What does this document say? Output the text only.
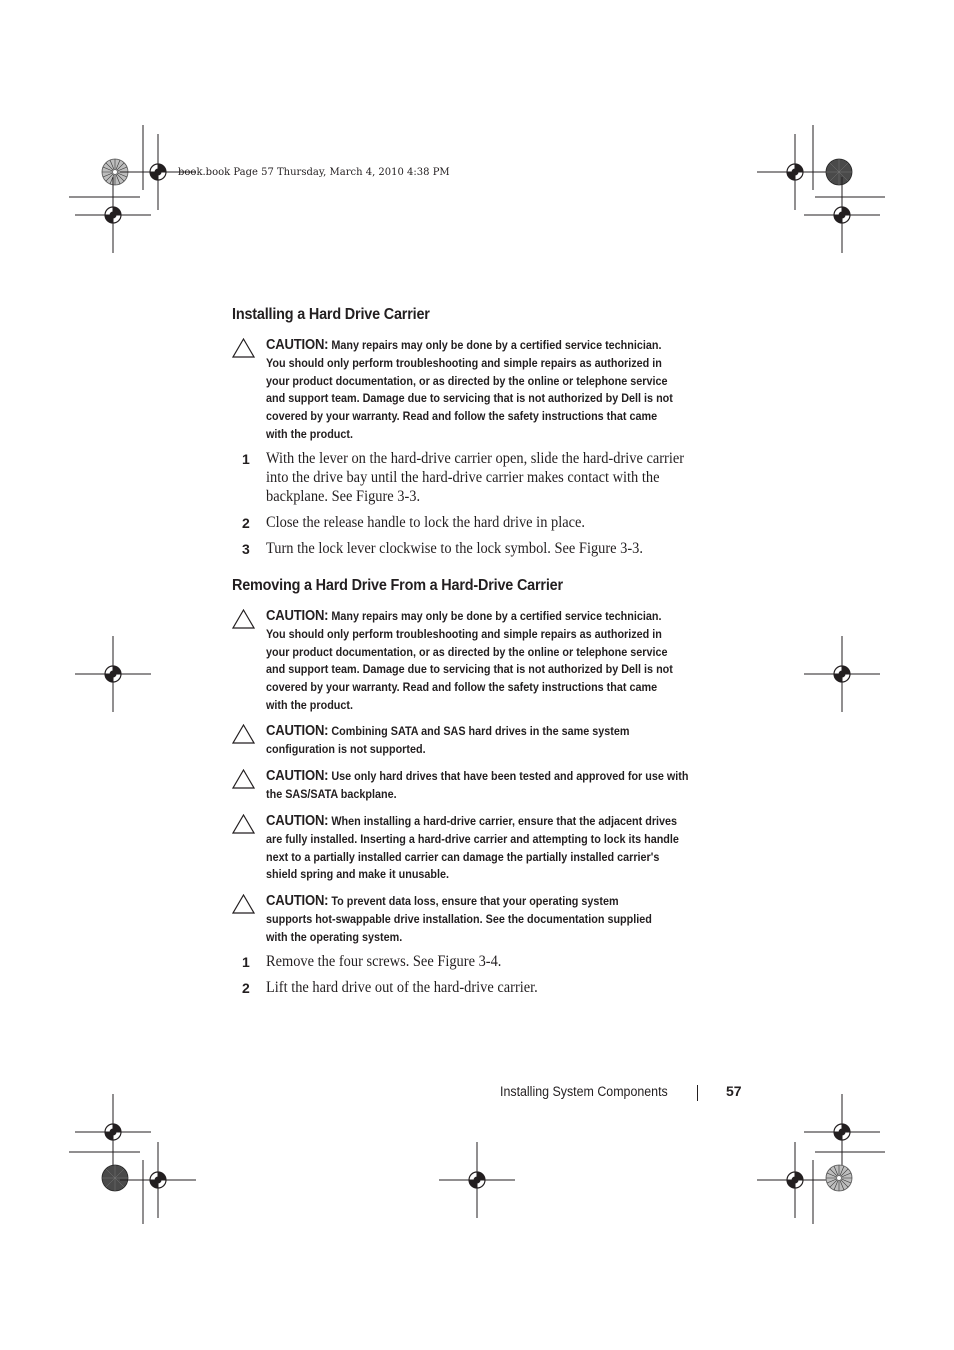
book.book Page 57 Thursday, March 4, 2010 4:38 PM
Installing a Hard Drive Carrier
CAUTION: Many repairs may only be done by a certified service technician.
You should only perform troubleshooting and simple repairs as authorized in
your product documentation, or as directed by the online or telephone service
and support team. Damage due to servicing that is not authorized by Dell is not
covered by your warranty. Read and follow the safety instructions that came
with the product.
1 With the lever on the hard-drive carrier open, slide the hard-drive carrier
into the drive bay until the hard-drive carrier makes contact with the
backplane. See Figure 3-3.
2 Close the release handle to lock the hard drive in place.
3 Turn the lock lever clockwise to the lock symbol. See Figure 3-3.
Removing a Hard Drive From a Hard-Drive Carrier
CAUTION: Many repairs may only be done by a certified service technician.
You should only perform troubleshooting and simple repairs as authorized in
your product documentation, or as directed by the online or telephone service
and support team. Damage due to servicing that is not authorized by Dell is not
covered by your warranty. Read and follow the safety instructions that came
with the product.
CAUTION: Combining SATA and SAS hard drives in the same system
configuration is not supported.
CAUTION: Use only hard drives that have been tested and approved for use with
the SAS/SATA backplane.
CAUTION: When installing a hard-drive carrier, ensure that the adjacent drives
are fully installed. Inserting a hard-drive carrier and attempting to lock its handle
next to a partially installed carrier can damage the partially installed carrier's
shield spring and make it unusable.
CAUTION: To prevent data loss, ensure that your operating system
supports hot-swappable drive installation. See the documentation supplied
with the operating system.
1 Remove the four screws. See Figure 3-4.
2 Lift the hard drive out of the hard-drive carrier.
Installing System Components	57
